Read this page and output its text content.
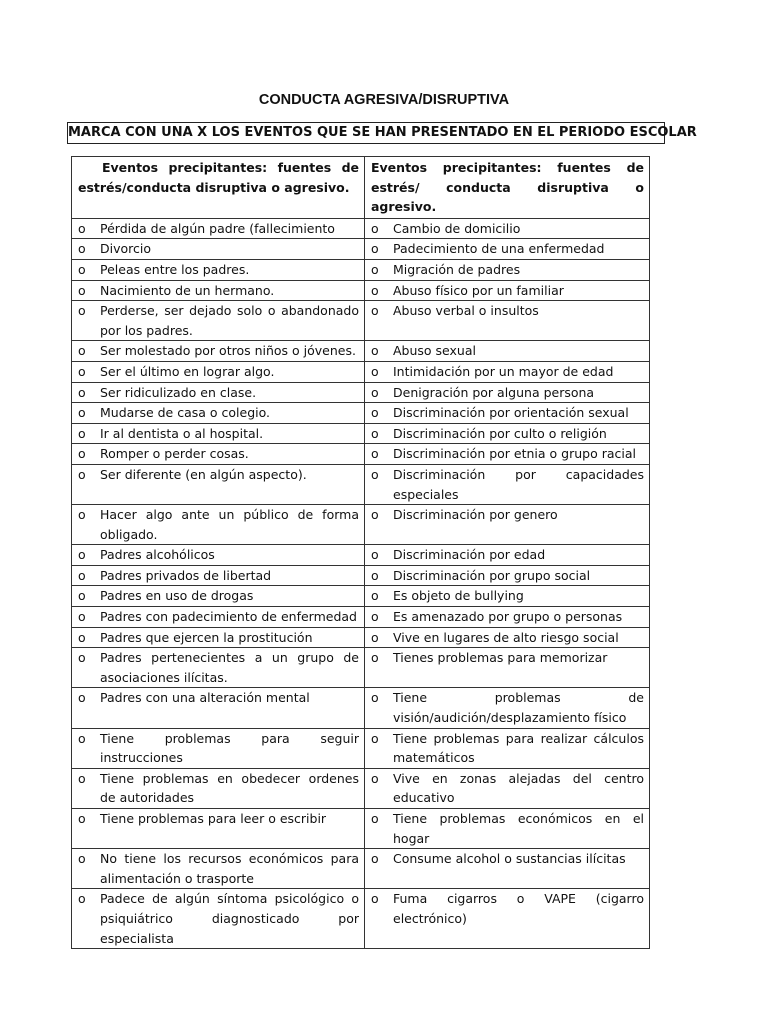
CONDUCTA AGRESIVA/DISRUPTIVA
MARCA CON UNA X LOS EVENTOS QUE SE HAN PRESENTADO EN EL PERIODO ESCOLAR
Eventos precipitantes: fuentes de estrés/conducta disruptiva o agresivo.	Eventos precipitantes: fuentes de estrés/ conducta disruptiva o agresivo.

o Pérdida de algún padre (fallecimiento	o Cambio de domicilio

o Divorcio	o Padecimiento de una enfermedad

o Peleas entre los padres.	o Migración de padres

o Nacimiento de un hermano.	o Abuso físico por un familiar

o Perderse, ser dejado solo o abandonado por los padres.	o Abuso verbal o insultos

o Ser molestado por otros niños o jóvenes.	o Abuso sexual

o Ser el último en lograr algo.	o Intimidación por un mayor de edad

o Ser ridiculizado en clase.	o Denigración por alguna persona

o Mudarse de casa o colegio.	o Discriminación por orientación sexual

o Ir al dentista o al hospital.	o Discriminación por culto o religión

o Romper o perder cosas.	o Discriminación por etnia o grupo racial

o Ser diferente (en algún aspecto).	o Discriminación por capacidades especiales

o Hacer algo ante un público de forma obligado.	o Discriminación por genero

o Padres alcohólicos	o Discriminación por edad

o Padres privados de libertad	o Discriminación por grupo social

o Padres en uso de drogas	o Es objeto de bullying

o Padres con padecimiento de enfermedad	o Es amenazado por grupo o personas

o Padres que ejercen la prostitución	o Vive en lugares de alto riesgo social

o Padres pertenecientes a un grupo de asociaciones ilícitas.	o Tienes problemas para memorizar

o Padres con una alteración mental	o Tiene problemas de visión/audición/desplazamiento físico

o Tiene problemas para seguir instrucciones	o Tiene problemas para realizar cálculos matemáticos

o Tiene problemas en obedecer ordenes de autoridades	o Vive en zonas alejadas del centro educativo

o Tiene problemas para leer o escribir	o Tiene problemas económicos en el hogar

o No tiene los recursos económicos para alimentación o trasporte	o Consume alcohol o sustancias ilícitas

o Padece de algún síntoma psicológico o psiquiátrico diagnosticado por especialista	o Fuma cigarros o VAPE (cigarro electrónico)
